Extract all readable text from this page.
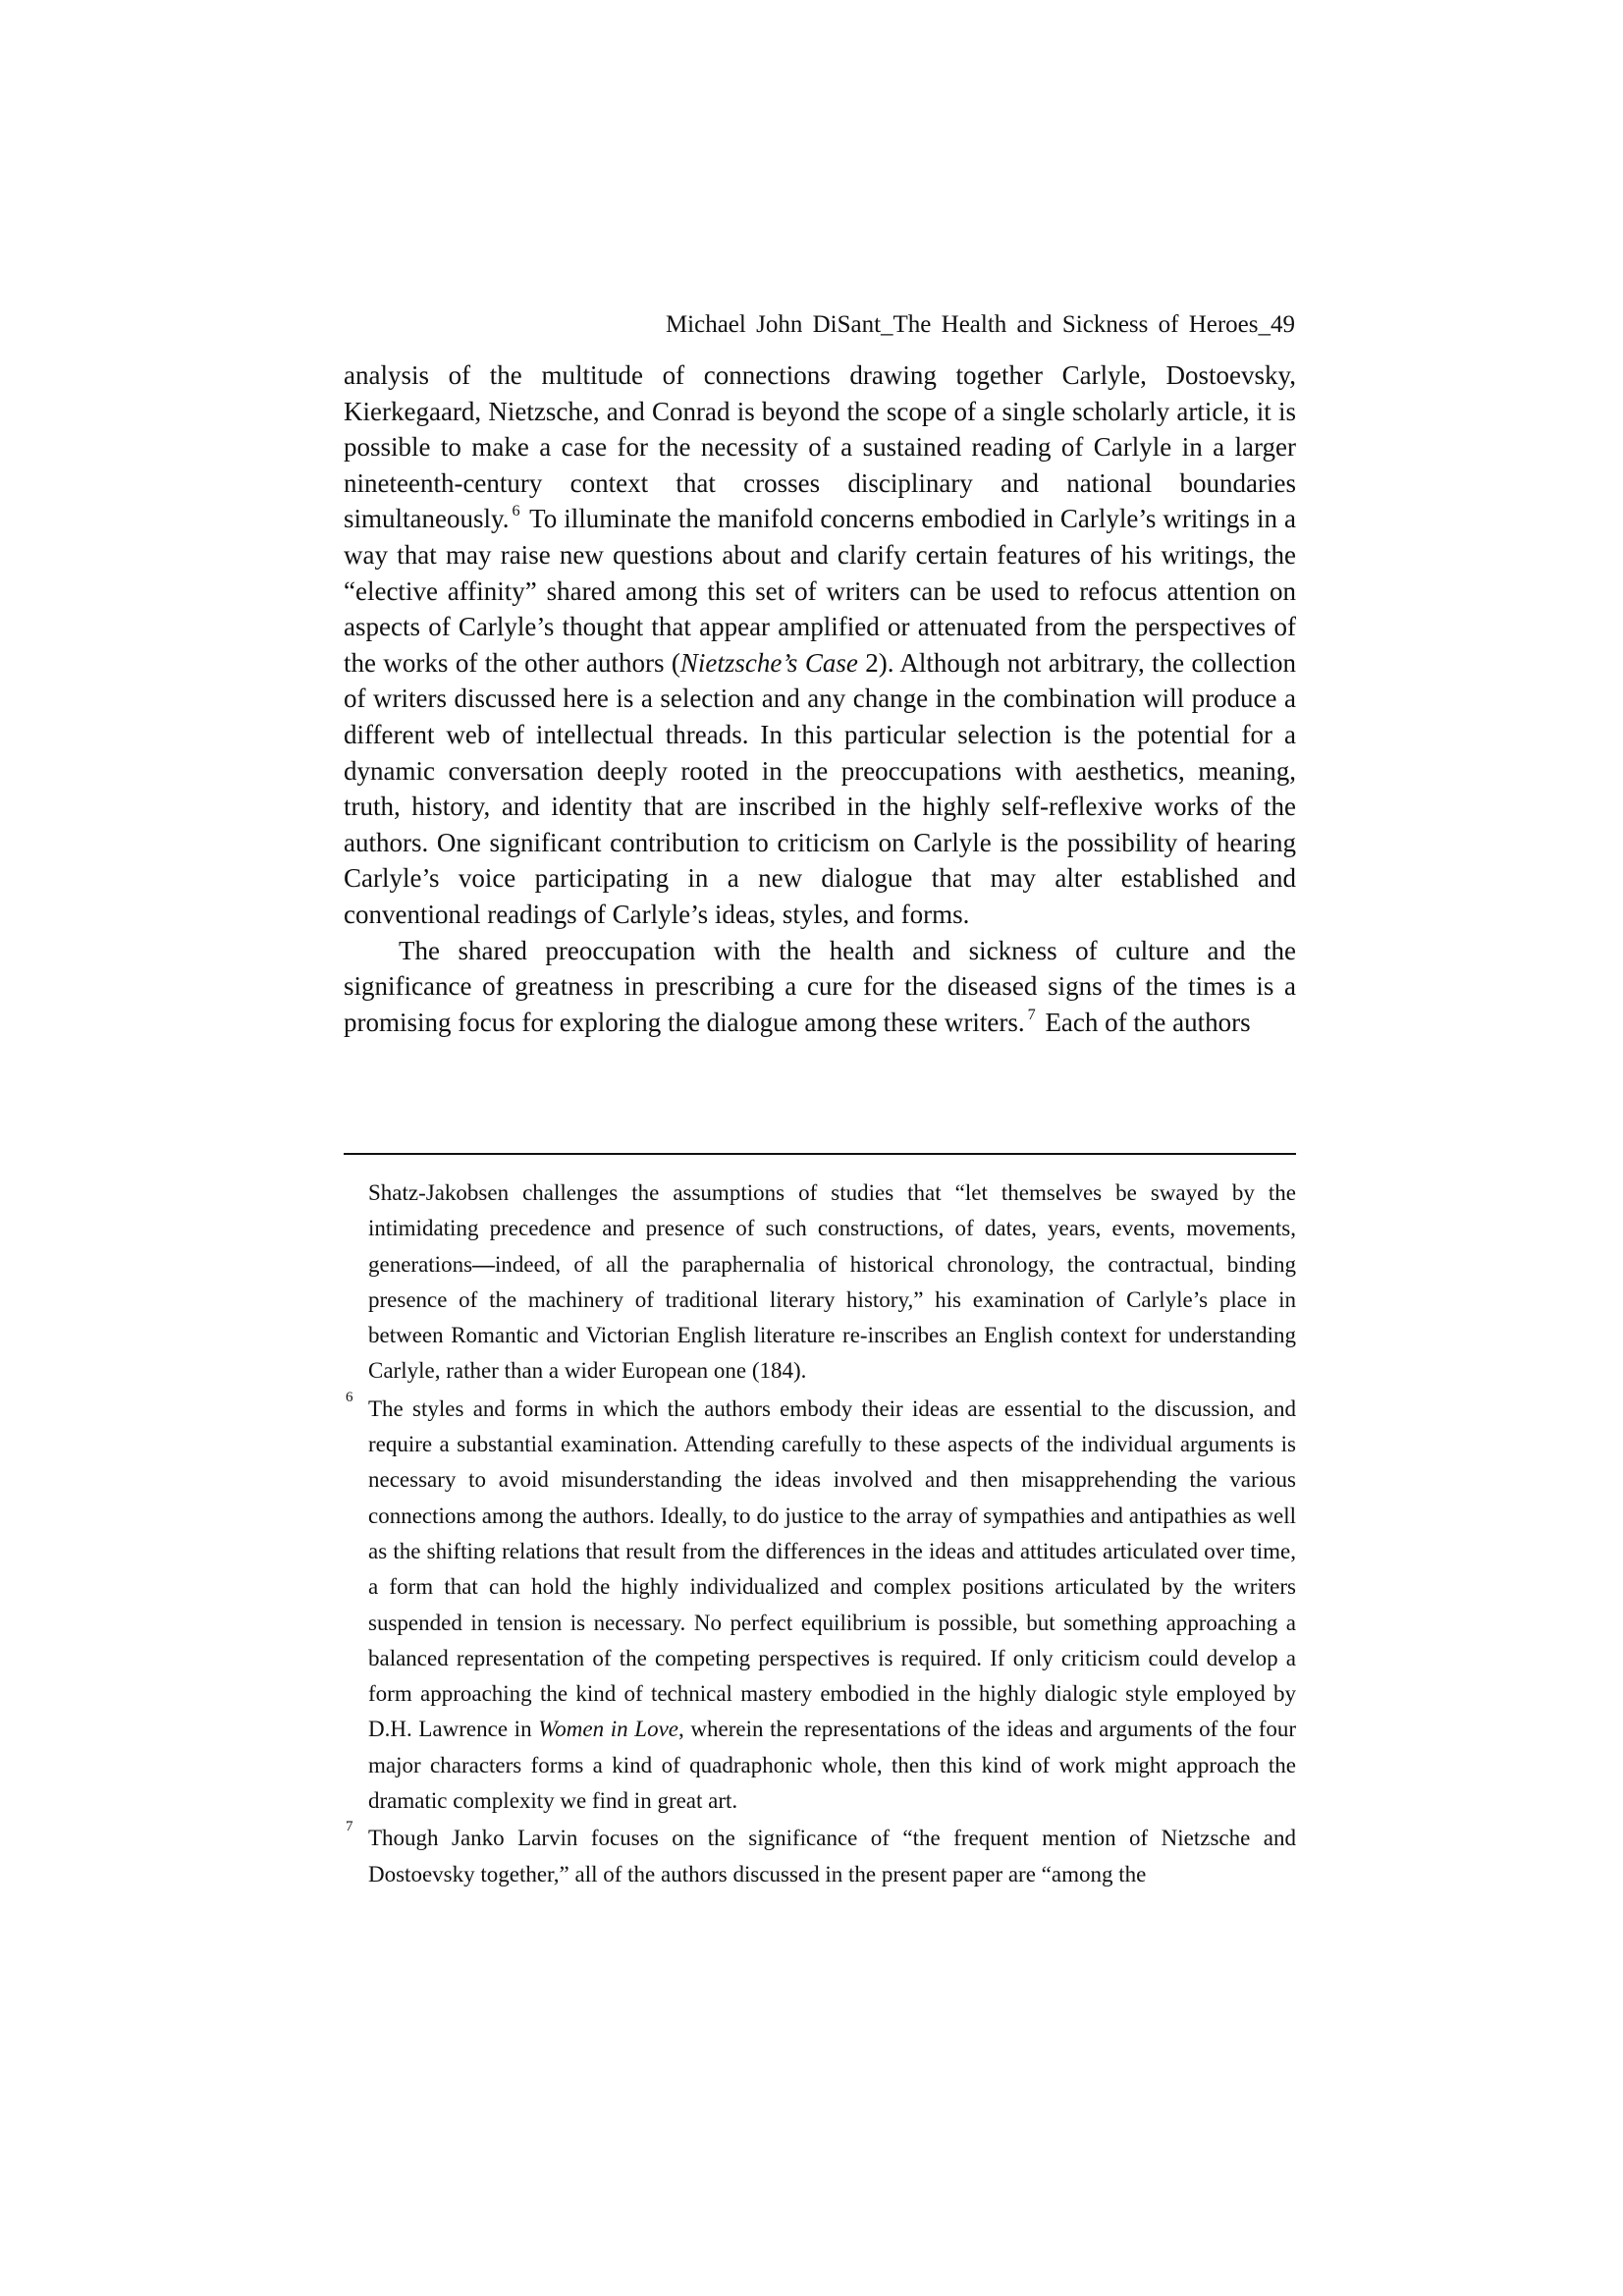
Michael John DiSant_The Health and Sickness of Heroes_49

analysis of the multitude of connections drawing together Carlyle, Dostoevsky, Kierkegaard, Nietzsche, and Conrad is beyond the scope of a single scholarly article, it is possible to make a case for the necessity of a sustained reading of Carlyle in a larger nineteenth-century context that crosses disciplinary and national boundaries simultaneously. $^6$ To illuminate the manifold concerns embodied in Carlyle’s writings in a way that may raise new questions about and clarify certain features of his writings, the “elective affinity” shared among this set of writers can be used to refocus attention on aspects of Carlyle’s thought that appear amplified or attenuated from the perspectives of the works of the other authors (Nietzsche’s Case 2). Although not arbitrary, the collection of writers discussed here is a selection and any change in the combination will produce a different web of intellectual threads. In this particular selection is the potential for a dynamic conversation deeply rooted in the preoccupations with aesthetics, meaning, truth, history, and identity that are inscribed in the highly self-reflexive works of the authors. One significant contribution to criticism on Carlyle is the possibility of hearing Carlyle’s voice participating in a new dialogue that may alter established and conventional readings of Carlyle’s ideas, styles, and forms.

The shared preoccupation with the health and sickness of culture and the significance of greatness in prescribing a cure for the diseased signs of the times is a promising focus for exploring the dialogue among these writers. $^7$ Each of the authors

Shatz-Jakobsen challenges the assumptions of studies that “let themselves be swayed by the intimidating precedence and presence of such constructions, of dates, years, events, movements, generations—indeed, of all the paraphernalia of historical chronology, the contractual, binding presence of the machinery of traditional literary history,” his examination of Carlyle’s place in between Romantic and Victorian English literature re-inscribes an English context for understanding Carlyle, rather than a wider European one (184).

6 The styles and forms in which the authors embody their ideas are essential to the discussion, and require a substantial examination. Attending carefully to these aspects of the individual arguments is necessary to avoid misunderstanding the ideas involved and then misapprehending the various connections among the authors. Ideally, to do justice to the array of sympathies and antipathies as well as the shifting relations that result from the differences in the ideas and attitudes articulated over time, a form that can hold the highly individualized and complex positions articulated by the writers suspended in tension is necessary. No perfect equilibrium is possible, but something approaching a balanced representation of the competing perspectives is required. If only criticism could develop a form approaching the kind of technical mastery embodied in the highly dialogic style employed by D.H. Lawrence in Women in Love, wherein the representations of the ideas and arguments of the four major characters forms a kind of quadraphonic whole, then this kind of work might approach the dramatic complexity we find in great art.

7 Though Janko Larvin focuses on the significance of “the frequent mention of Nietzsche and Dostoevsky together,” all of the authors discussed in the present paper are “among the
